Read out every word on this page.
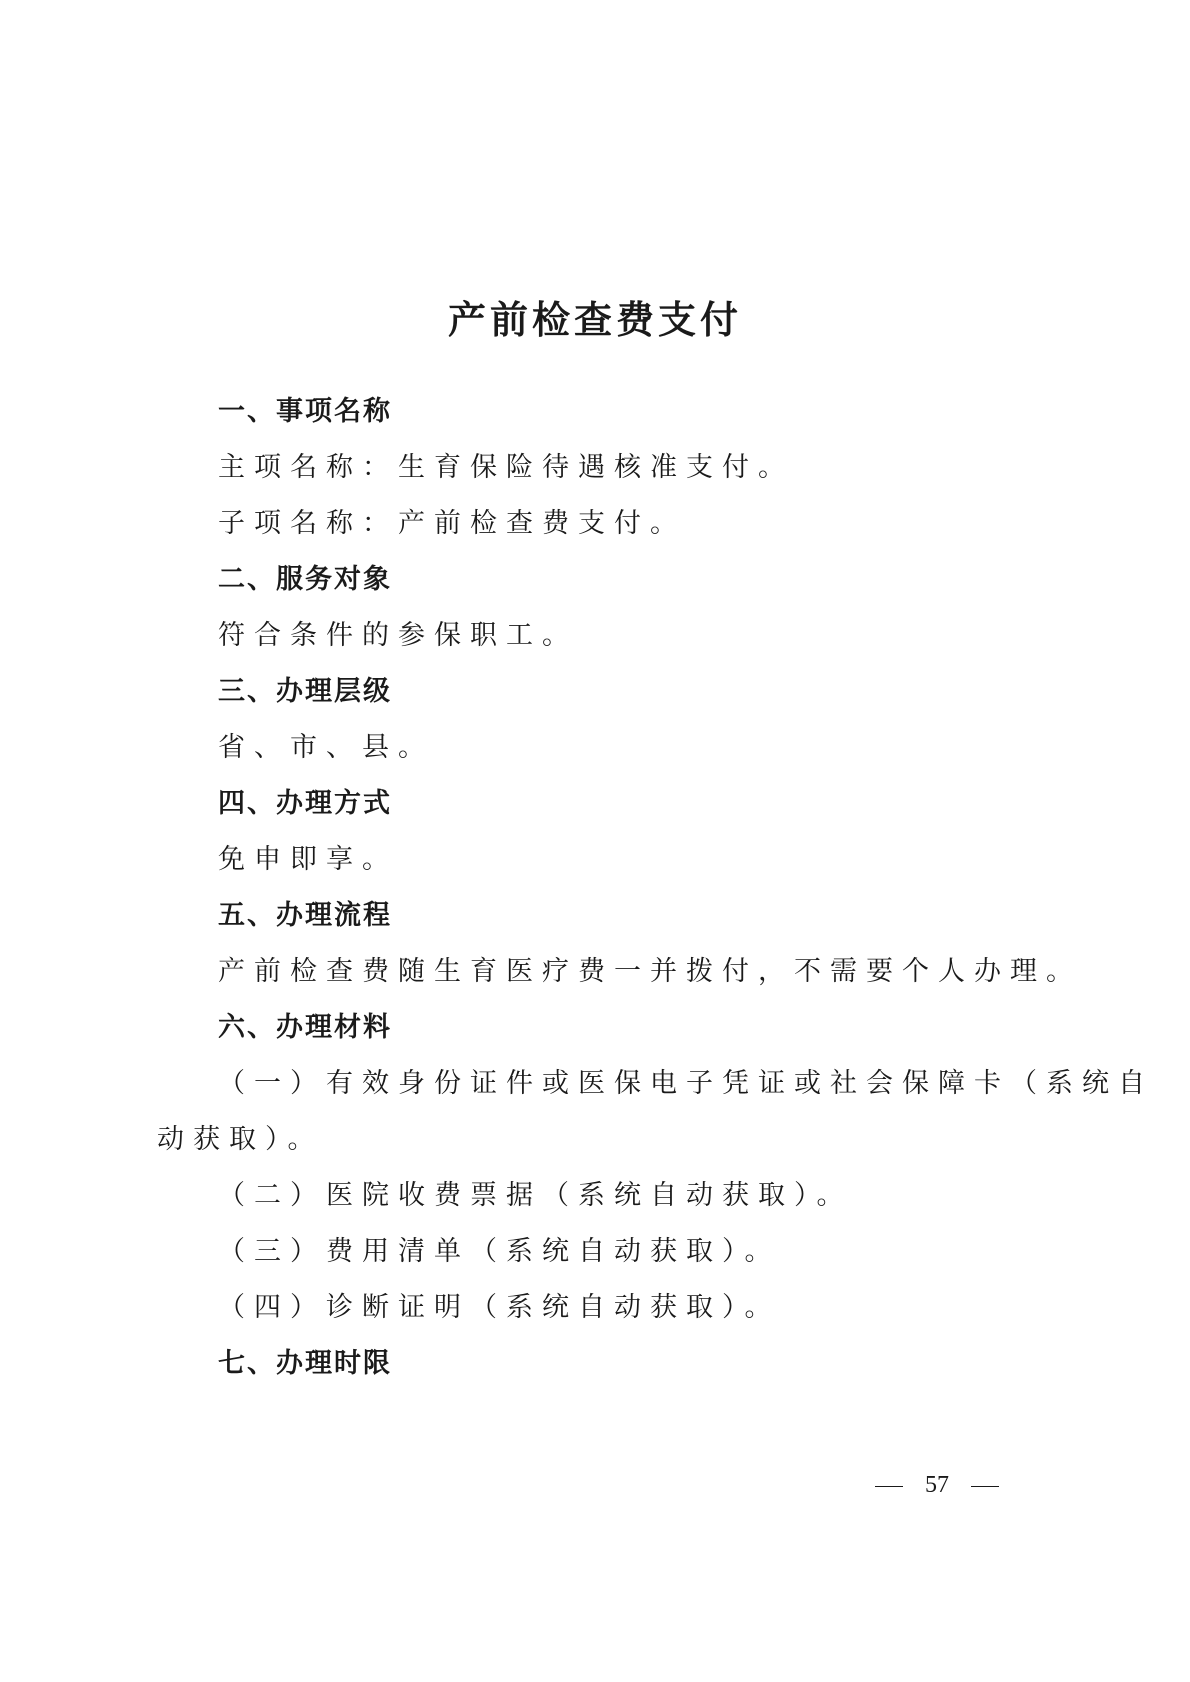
产前检查费支付
一、事项名称
主项名称：生育保险待遇核准支付。
子项名称：产前检查费支付。
二、服务对象
符合条件的参保职工。
三、办理层级
省、市、县。
四、办理方式
免申即享。
五、办理流程
产前检查费随生育医疗费一并拨付，不需要个人办理。
六、办理材料
（一）有效身份证件或医保电子凭证或社会保障卡（系统自
动获取）。
（二）医院收费票据（系统自动获取）。
（三）费用清单（系统自动获取）。
（四）诊断证明（系统自动获取）。
七、办理时限
57
